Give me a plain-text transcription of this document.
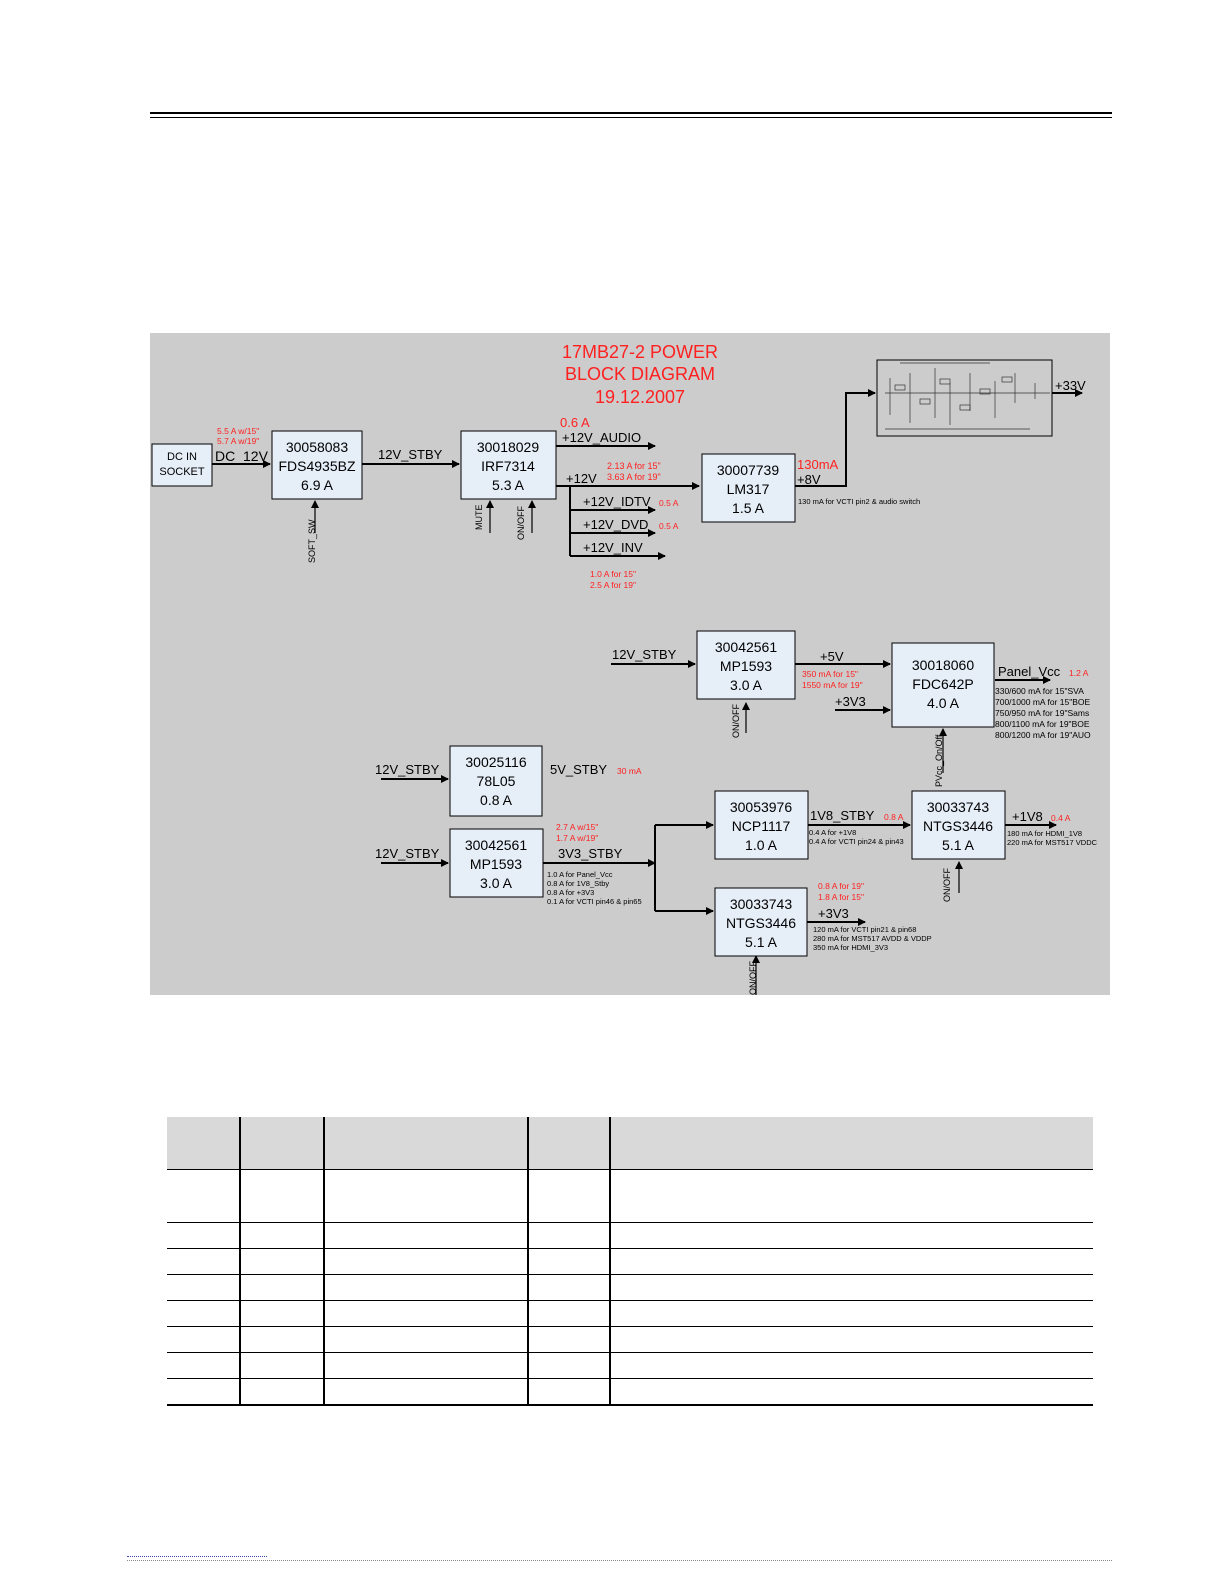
17MB27-2 POWER
BLOCK DIAGRAM
19.12.2007
+33V
DC IN
SOCKET
30058083
FDS4935BZ
6.9 A
30018029
IRF7314
5.3 A
30007739
LM317
1.5 A
30042561
MP1593
3.0 A
30018060
FDC642P
4.0 A
30025116
78L05
0.8 A
30042561
MP1593
3.0 A
30053976
NCP1117
1.0 A
30033743
NTGS3446
5.1 A
30033743
NTGS3446
5.1 A
DC_12V	12V_STBY
+12V_AUDIO
+12V
+12V_IDTV
+12V_DVD
+12V_INV
+8V
130 mA for VCTI pin2 & audio switch
12V_STBY	+5V
+3V3
Panel_Vcc
330/600 mA for 15"SVA
700/1000 mA for 15"BOE
750/950 mA for 19"Sams
800/1100 mA for 19"BOE
800/1200 mA for 19"AUO
12V_STBY	5V_STBY
12V_STBY	3V3_STBY
1.0 A for Panel_Vcc
0.8 A for 1V8_Stby
0.8 A for +3V3
0.1 A for VCTI pin46 & pin65
1V8_STBY
0.4 A for +1V8
0.4 A for VCTI pin24 & pin43
+1V8
180 mA for HDMI_1V8
220 mA for MST517 VDDC
+3V3
120 mA for VCTI pin21 & pin68
280 mA for MST517 AVDD & VDDP
350 mA for HDMI_3V3
SOFT_SW
MUTE	ON/OFF
ON/OFF
PVcc_On/Off
ON/OFF
ON/OFF
5.5 A w/15"
5.7 A w/19"
0.6 A
2.13 A for 15"
3.63 A for 19"
0.5 A
0.5 A
1.0 A for 15"
2.5 A for 19"
130mA
350 mA for 15"
1550 mA for 19"
1.2 A
30 mA
2.7 A w/15"
1.7 A w/19"
0.8 A	0.4 A
0.8 A for 19"
1.8 A for 15"
